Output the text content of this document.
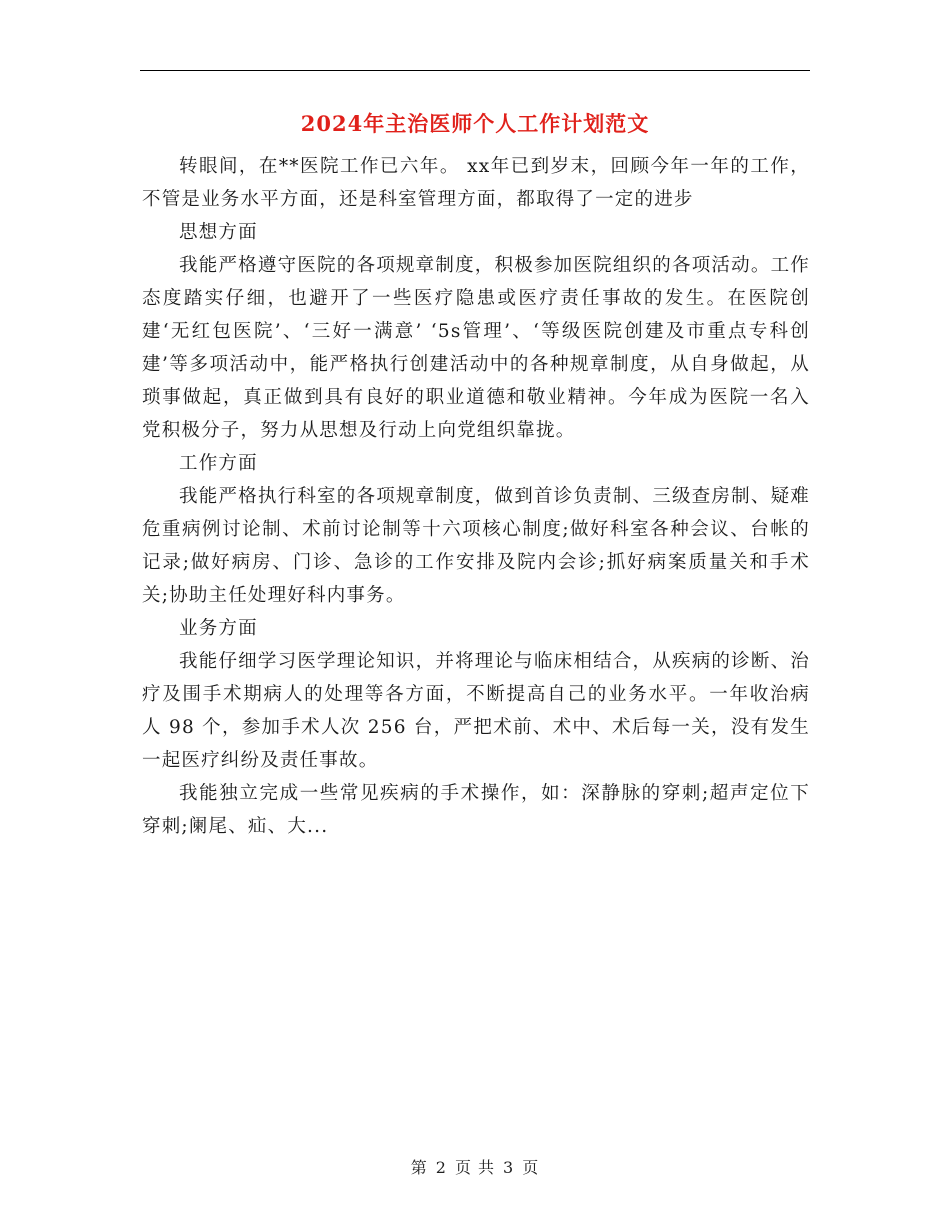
2024年主治医师个人工作计划范文

转眼间，在**医院工作已六年。 xx年已到岁末，回顾今年一年的工作，不管是业务水平方面，还是科室管理方面，都取得了一定的进步

思想方面

我能严格遵守医院的各项规章制度，积极参加医院组织的各项活动。工作态度踏实仔细，也避开了一些医疗隐患或医疗责任事故的发生。在医院创建‘无红包医院’、‘三好一满意’ ‘5s管理’、‘等级医院创建及市重点专科创建’等多项活动中，能严格执行创建活动中的各种规章制度，从自身做起，从琐事做起，真正做到具有良好的职业道德和敬业精神。今年成为医院一名入党积极分子，努力从思想及行动上向党组织靠拢。

工作方面

我能严格执行科室的各项规章制度，做到首诊负责制、三级查房制、疑难危重病例讨论制、术前讨论制等十六项核心制度;做好科室各种会议、台帐的记录;做好病房、门诊、急诊的工作安排及院内会诊;抓好病案质量关和手术关;协助主任处理好科内事务。

业务方面

我能仔细学习医学理论知识，并将理论与临床相结合，从疾病的诊断、治疗及围手术期病人的处理等各方面，不断提高自己的业务水平。一年收治病人 98 个，参加手术人次 256 台，严把术前、术中、术后每一关，没有发生一起医疗纠纷及责任事故。

我能独立完成一些常见疾病的手术操作，如：深静脉的穿刺;超声定位下穿刺;阑尾、疝、大...

第 2 页 共 3 页
